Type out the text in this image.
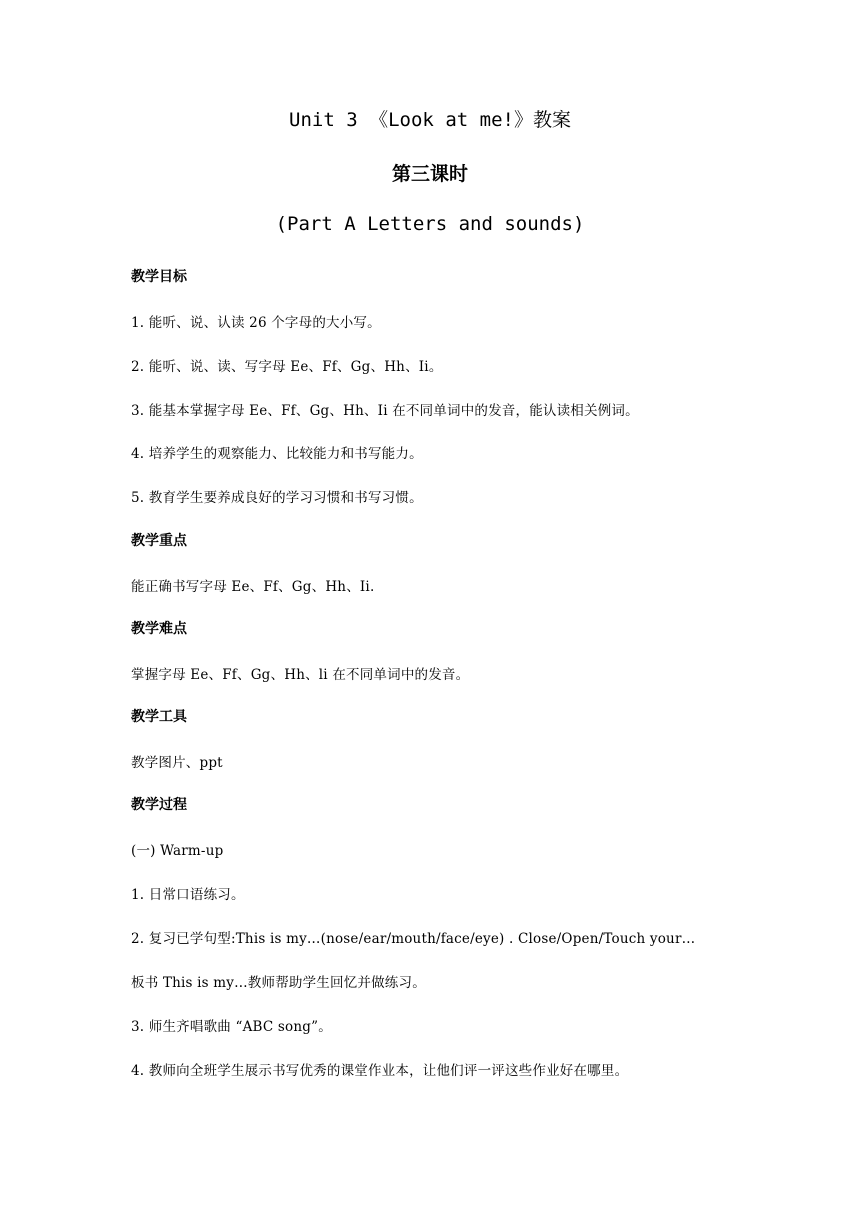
Unit 3 《Look at me!》教案
第三课时
(Part A Letters and sounds)
教学目标
1. 能听、说、认读 26 个字母的大小写。
2. 能听、说、读、写字母 Ee、Ff、Gg、Hh、Ii。
3. 能基本掌握字母 Ee、Ff、Gg、Hh、Ii 在不同单词中的发音，能认读相关例词。
4. 培养学生的观察能力、比较能力和书写能力。
5. 教育学生要养成良好的学习习惯和书写习惯。
教学重点
能正确书写字母 Ee、Ff、Gg、Hh、Ii.
教学难点
掌握字母 Ee、Ff、Gg、Hh、li 在不同单词中的发音。
教学工具
教学图片、ppt
教学过程
(一) Warm-up
1. 日常口语练习。
2. 复习已学句型:This is my…(nose/ear/mouth/face/eye) . Close/Open/Touch your…
板书 This is my…教师帮助学生回忆并做练习。
3. 师生齐唱歌曲 “ABC song”。
4. 教师向全班学生展示书写优秀的课堂作业本，让他们评一评这些作业好在哪里。
